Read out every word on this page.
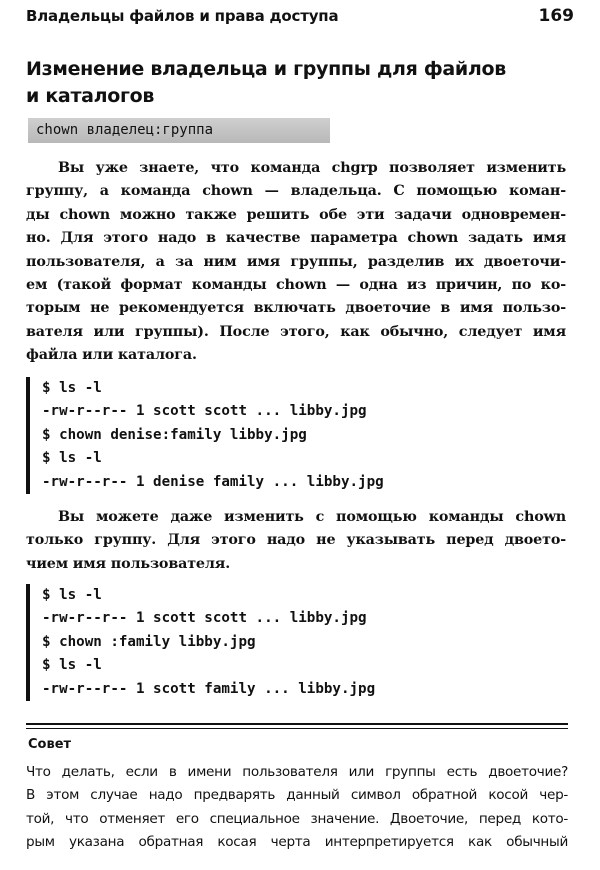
Владельцы файлов и права доступа	169
Изменение владельца и группы для файлов
и каталогов
chown владелец:группа

Вы уже знаете, что команда chgrp позволяет изменить
группу, а команда chown — владельца. С помощью коман-
ды chown можно также решить обе эти задачи одновремен-
но. Для этого надо в качестве параметра chown задать имя
пользователя, а за ним имя группы, разделив их двоеточи-
ем (такой формат команды chown — одна из причин, по ко-
торым не рекомендуется включать двоеточие в имя пользо-
вателя или группы). После этого, как обычно, следует имя
файла или каталога.

$ ls -l
-rw-r--r-- 1 scott scott ... libby.jpg
$ chown denise:family libby.jpg
$ ls -l
-rw-r--r-- 1 denise family ... libby.jpg

Вы можете даже изменить с помощью команды chown
только группу. Для этого надо не указывать перед двоето-
чием имя пользователя.

$ ls -l
-rw-r--r-- 1 scott scott ... libby.jpg
$ chown :family libby.jpg
$ ls -l
-rw-r--r-- 1 scott family ... libby.jpg
Совет

Что делать, если в имени пользователя или группы есть двоеточие?
В этом случае надо предварять данный символ обратной косой чер-
той, что отменяет его специальное значение. Двоеточие, перед кото-
рым указана обратная косая черта интерпретируется как обычный
